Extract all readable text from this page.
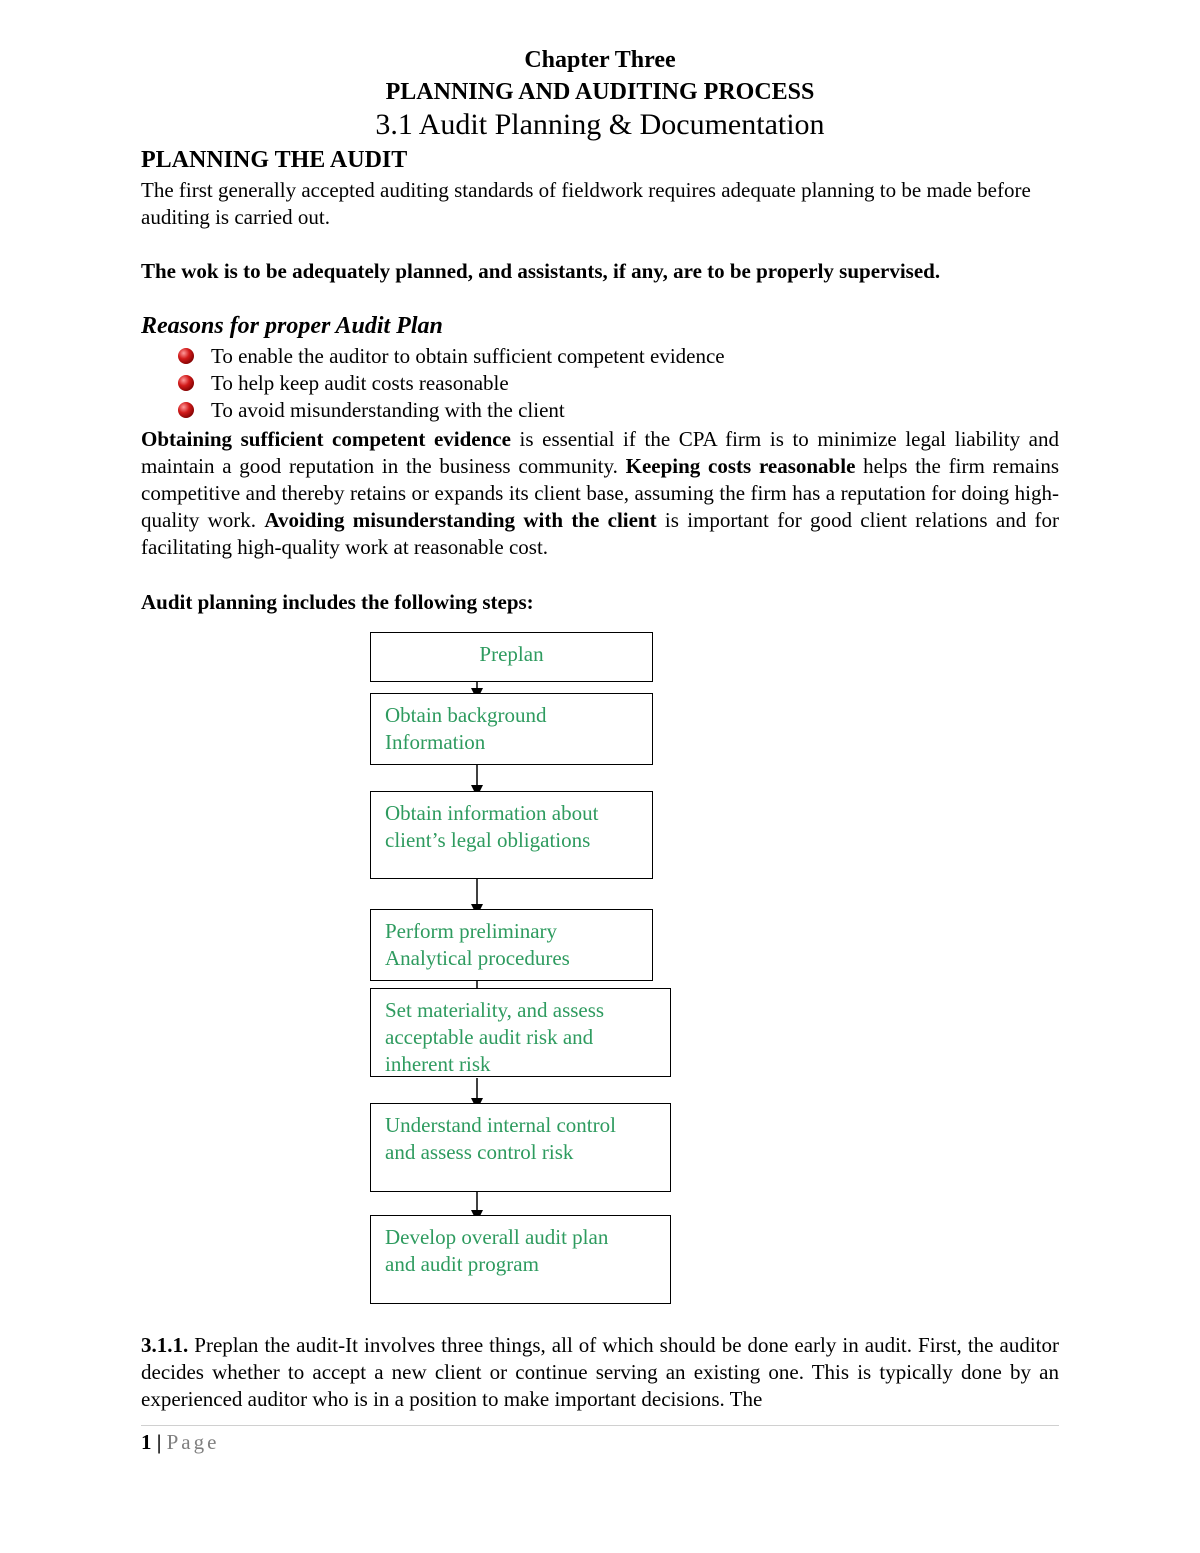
Chapter Three
PLANNING AND AUDITING PROCESS
3.1 Audit Planning & Documentation
PLANNING THE AUDIT
The first generally accepted auditing standards of fieldwork requires adequate planning to be made before auditing is carried out.
The wok is to be adequately planned, and assistants, if any, are to be properly supervised.
Reasons for proper Audit Plan
To enable the auditor to obtain sufficient competent evidence
To help keep audit costs reasonable
To avoid misunderstanding with the client
Obtaining sufficient competent evidence is essential if the CPA firm is to minimize legal liability and maintain a good reputation in the business community. Keeping costs reasonable helps the firm remains competitive and thereby retains or expands its client base, assuming the firm has a reputation for doing high-quality work. Avoiding misunderstanding with the client is important for good client relations and for facilitating high-quality work at reasonable cost.
Audit planning includes the following steps:
Preplan
Obtain background
Information
Obtain information about
client’s legal obligations
Perform preliminary
Analytical procedures
Set materiality, and assess
acceptable audit risk and
inherent risk
Understand internal control
and assess control risk
Develop overall audit plan
and audit program
3.1.1. Preplan the audit-It involves three things, all of which should be done early in audit. First, the auditor decides whether to accept a new client or continue serving an existing one. This is typically done by an experienced auditor who is in a position to make important decisions. The
1 | Page
